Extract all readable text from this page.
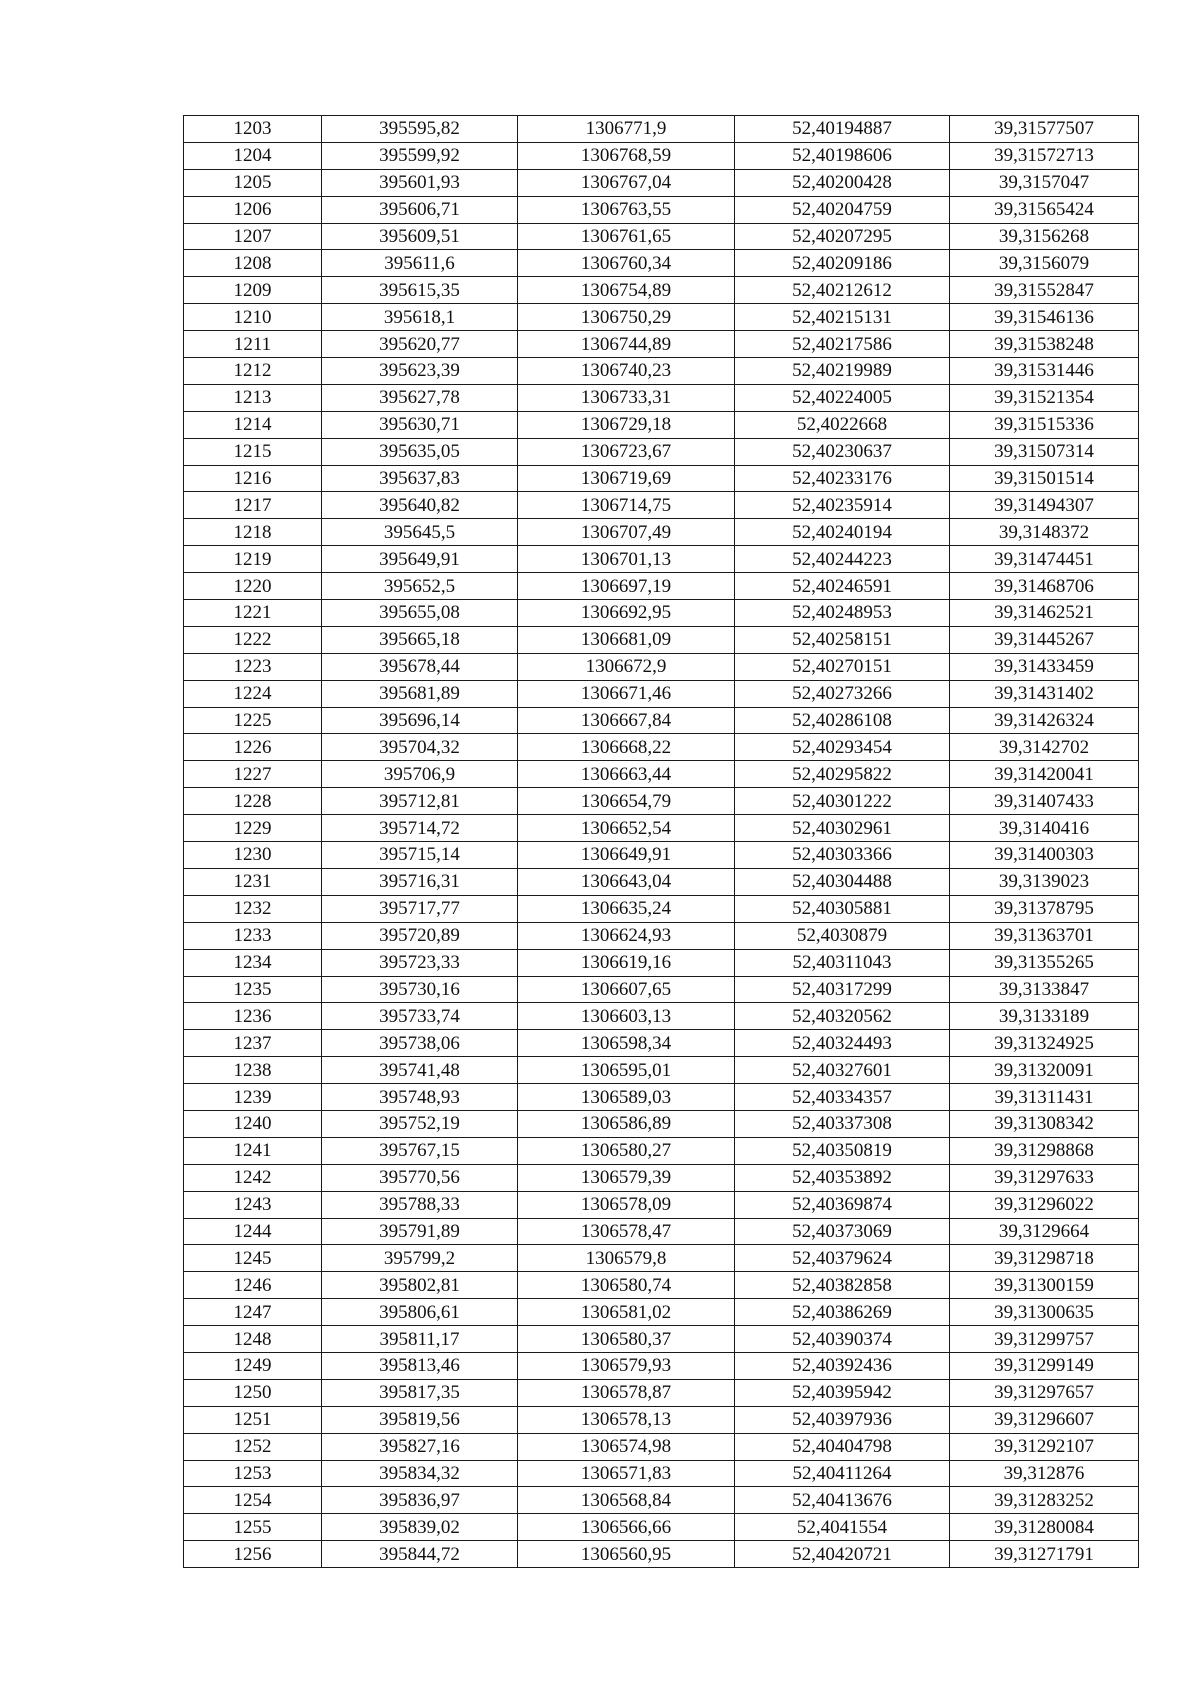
1203	395595,82	1306771,9	52,40194887	39,31577507
1204	395599,92	1306768,59	52,40198606	39,31572713
1205	395601,93	1306767,04	52,40200428	39,3157047
1206	395606,71	1306763,55	52,40204759	39,31565424
1207	395609,51	1306761,65	52,40207295	39,3156268
1208	395611,6	1306760,34	52,40209186	39,3156079
1209	395615,35	1306754,89	52,40212612	39,31552847
1210	395618,1	1306750,29	52,40215131	39,31546136
1211	395620,77	1306744,89	52,40217586	39,31538248
1212	395623,39	1306740,23	52,40219989	39,31531446
1213	395627,78	1306733,31	52,40224005	39,31521354
1214	395630,71	1306729,18	52,4022668	39,31515336
1215	395635,05	1306723,67	52,40230637	39,31507314
1216	395637,83	1306719,69	52,40233176	39,31501514
1217	395640,82	1306714,75	52,40235914	39,31494307
1218	395645,5	1306707,49	52,40240194	39,3148372
1219	395649,91	1306701,13	52,40244223	39,31474451
1220	395652,5	1306697,19	52,40246591	39,31468706
1221	395655,08	1306692,95	52,40248953	39,31462521
1222	395665,18	1306681,09	52,40258151	39,31445267
1223	395678,44	1306672,9	52,40270151	39,31433459
1224	395681,89	1306671,46	52,40273266	39,31431402
1225	395696,14	1306667,84	52,40286108	39,31426324
1226	395704,32	1306668,22	52,40293454	39,3142702
1227	395706,9	1306663,44	52,40295822	39,31420041
1228	395712,81	1306654,79	52,40301222	39,31407433
1229	395714,72	1306652,54	52,40302961	39,3140416
1230	395715,14	1306649,91	52,40303366	39,31400303
1231	395716,31	1306643,04	52,40304488	39,3139023
1232	395717,77	1306635,24	52,40305881	39,31378795
1233	395720,89	1306624,93	52,4030879	39,31363701
1234	395723,33	1306619,16	52,40311043	39,31355265
1235	395730,16	1306607,65	52,40317299	39,3133847
1236	395733,74	1306603,13	52,40320562	39,3133189
1237	395738,06	1306598,34	52,40324493	39,31324925
1238	395741,48	1306595,01	52,40327601	39,31320091
1239	395748,93	1306589,03	52,40334357	39,31311431
1240	395752,19	1306586,89	52,40337308	39,31308342
1241	395767,15	1306580,27	52,40350819	39,31298868
1242	395770,56	1306579,39	52,40353892	39,31297633
1243	395788,33	1306578,09	52,40369874	39,31296022
1244	395791,89	1306578,47	52,40373069	39,3129664
1245	395799,2	1306579,8	52,40379624	39,31298718
1246	395802,81	1306580,74	52,40382858	39,31300159
1247	395806,61	1306581,02	52,40386269	39,31300635
1248	395811,17	1306580,37	52,40390374	39,31299757
1249	395813,46	1306579,93	52,40392436	39,31299149
1250	395817,35	1306578,87	52,40395942	39,31297657
1251	395819,56	1306578,13	52,40397936	39,31296607
1252	395827,16	1306574,98	52,40404798	39,31292107
1253	395834,32	1306571,83	52,40411264	39,312876
1254	395836,97	1306568,84	52,40413676	39,31283252
1255	395839,02	1306566,66	52,4041554	39,31280084
1256	395844,72	1306560,95	52,40420721	39,31271791
